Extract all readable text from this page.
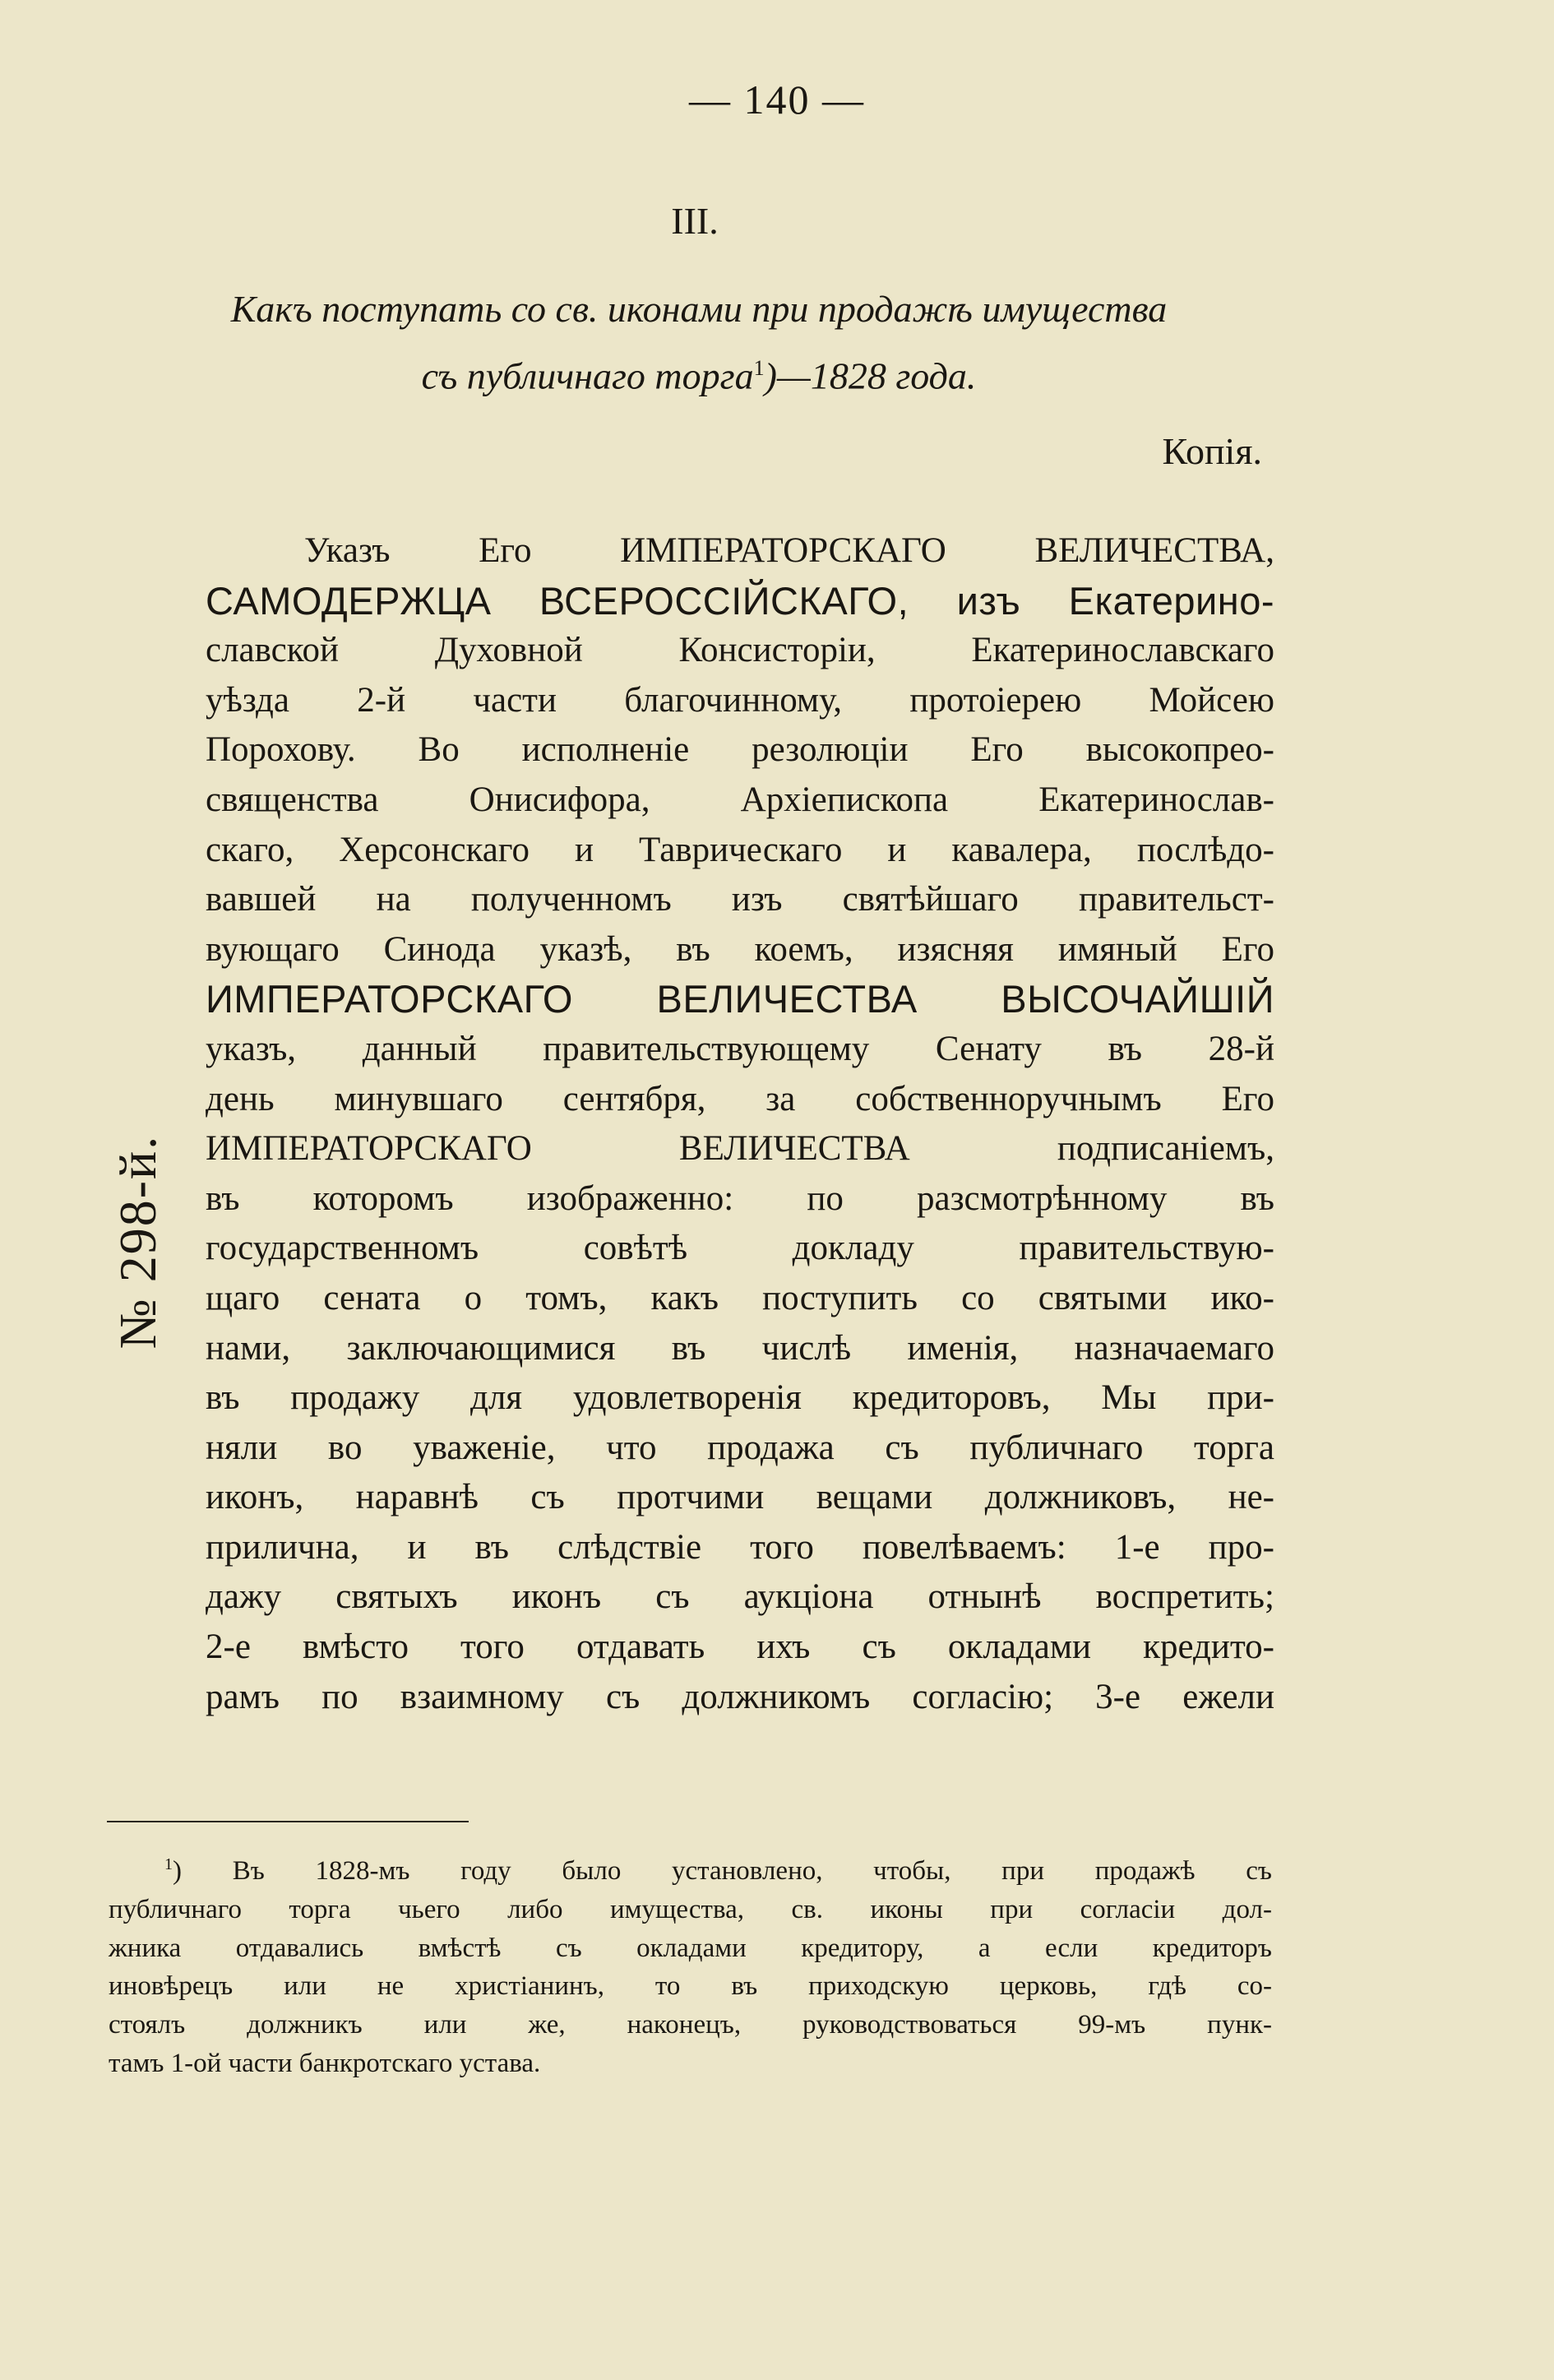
— 140 —
III.
Какъ поступать со св. иконами при продажѣ имущества
съ публичнаго торга$^1$)—1828 года.
Копія.
№ 298-й.
Указъ Его ИМПЕРАТОРСКАГО ВЕЛИЧЕСТВА,
САМОДЕРЖЦА ВСЕРОССІЙСКАГО, изъ Екатерино-
славской Духовной Консисторіи, Екатеринославскаго
уѣзда 2-й части благочинному, протоіерею Мойсею
Порохову. Во исполненіе резолюціи Его высокопрео-
священства Онисифора, Архіепископа Екатеринослав-
скаго, Херсонскаго и Таврическаго и кавалера, послѣдо-
вавшей на полученномъ изъ святѣйшаго правительст-
вующаго Синода указѣ, въ коемъ, изясняя имяный Его
ИМПЕРАТОРСКАГО ВЕЛИЧЕСТВА ВЫСОЧАЙШІЙ
указъ, данный правительствующему Сенату въ 28-й
день минувшаго сентября, за собственноручнымъ Его
ИМПЕРАТОРСКАГО ВЕЛИЧЕСТВА подписаніемъ,
въ которомъ изображенно: по разсмотрѣнному въ
государственномъ совѣтѣ докладу правительствую-
щаго сената о томъ, какъ поступить со святыми ико-
нами, заключающимися въ числѣ именія, назначаемаго
въ продажу для удовлетворенія кредиторовъ, Мы при-
няли во уваженіе, что продажа съ публичнаго торга
иконъ, наравнѣ съ протчими вещами должниковъ, не-
прилична, и въ слѣдствіе того повелѣваемъ: 1-е про-
дажу святыхъ иконъ съ аукціона отнынѣ воспретить;
2-е вмѣсто того отдавать ихъ съ окладами кредито-
рамъ по взаимному съ должникомъ согласію; 3-е ежели
$^1$) Въ 1828-мъ году было установлено, чтобы, при продажѣ съ
публичнаго торга чьего либо имущества, св. иконы при согласіи дол-
жника отдавались вмѣстѣ съ окладами кредитору, а если кредиторъ
иновѣрецъ или не христіанинъ, то въ приходскую церковь, гдѣ со-
стоялъ должникъ или же, наконецъ, руководствоваться 99-мъ пунк-
тамъ 1-ой части банкротскаго устава.
